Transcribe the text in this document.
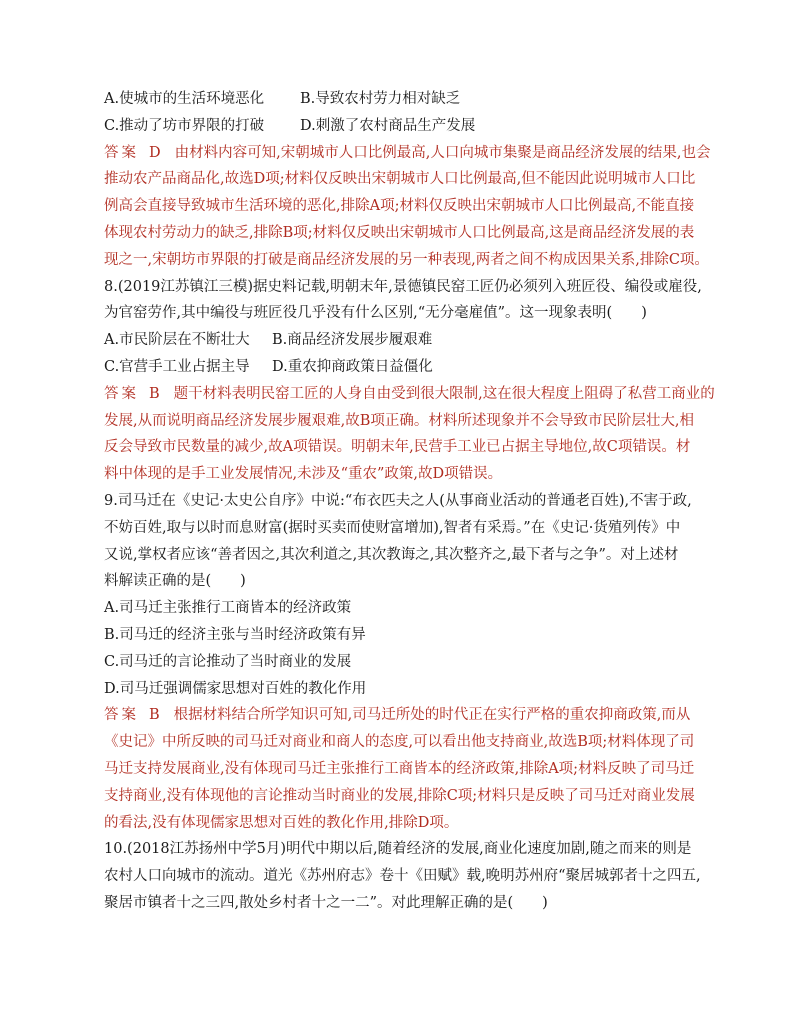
A.使城市的生活环境恶化 B.导致农村劳力相对缺乏
C.推动了坊市界限的打破 D.刺激了农村商品生产发展
答案 D 由材料内容可知,宋朝城市人口比例最高,人口向城市集聚是商品经济发展的结果,也会
推动农产品商品化,故选D项;材料仅反映出宋朝城市人口比例最高,但不能因此说明城市人口比
例高会直接导致城市生活环境的恶化,排除A项;材料仅反映出宋朝城市人口比例最高,不能直接
体现农村劳动力的缺乏,排除B项;材料仅反映出宋朝城市人口比例最高,这是商品经济发展的表
现之一,宋朝坊市界限的打破是商品经济发展的另一种表现,两者之间不构成因果关系,排除C项。
8.(2019江苏镇江三模)据史料记载,明朝末年,景德镇民窑工匠仍必须列入班匠役、编役或雇役,
为官窑劳作,其中编役与班匠役几乎没有什么区别,“无分毫雇值”。这一现象表明(　　)
A.市民阶层在不断壮大 B.商品经济发展步履艰难
C.官营手工业占据主导 D.重农抑商政策日益僵化
答案 B 题干材料表明民窑工匠的人身自由受到很大限制,这在很大程度上阻碍了私营工商业的
发展,从而说明商品经济发展步履艰难,故B项正确。材料所述现象并不会导致市民阶层壮大,相
反会导致市民数量的减少,故A项错误。明朝末年,民营手工业已占据主导地位,故C项错误。材
料中体现的是手工业发展情况,未涉及“重农”政策,故D项错误。
9.司马迁在《史记·太史公自序》中说:“布衣匹夫之人(从事商业活动的普通老百姓),不害于政,
不妨百姓,取与以时而息财富(据时买卖而使财富增加),智者有采焉。”在《史记·货殖列传》中
又说,掌权者应该“善者因之,其次利道之,其次教诲之,其次整齐之,最下者与之争”。对上述材
料解读正确的是(　　)
A.司马迁主张推行工商皆本的经济政策
B.司马迁的经济主张与当时经济政策有异
C.司马迁的言论推动了当时商业的发展
D.司马迁强调儒家思想对百姓的教化作用
答案 B 根据材料结合所学知识可知,司马迁所处的时代正在实行严格的重农抑商政策,而从
《史记》中所反映的司马迁对商业和商人的态度,可以看出他支持商业,故选B项;材料体现了司
马迁支持发展商业,没有体现司马迁主张推行工商皆本的经济政策,排除A项;材料反映了司马迁
支持商业,没有体现他的言论推动当时商业的发展,排除C项;材料只是反映了司马迁对商业发展
的看法,没有体现儒家思想对百姓的教化作用,排除D项。
10.(2018江苏扬州中学5月)明代中期以后,随着经济的发展,商业化速度加剧,随之而来的则是
农村人口向城市的流动。道光《苏州府志》卷十《田赋》载,晚明苏州府“聚居城郭者十之四五,
聚居市镇者十之三四,散处乡村者十之一二”。对此理解正确的是(　　)
